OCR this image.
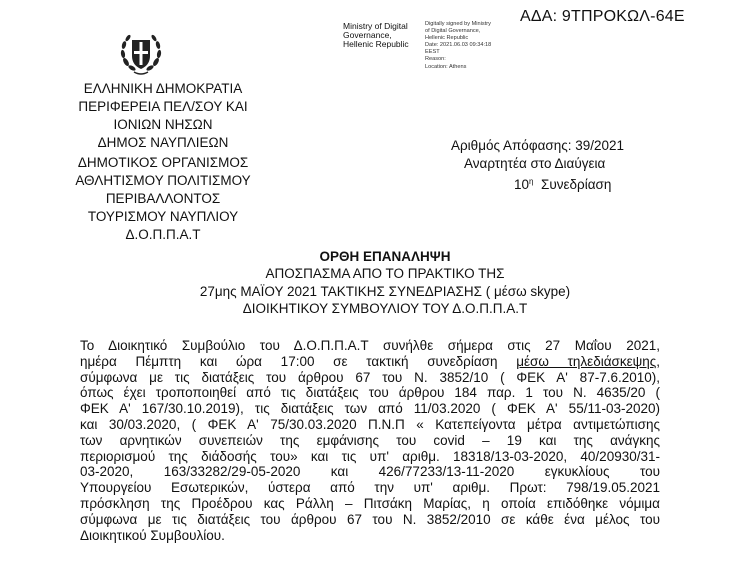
ΑΔΑ: 9ΤΠΡΟΚΩΛ-64Ε
Ministry of Digital
Governance,
Hellenic Republic
Digitally signed by Ministry
of Digital Governance,
Hellenic Republic
Date: 2021.06.03 09:34:18
EEST
Reason:
Location: Athens
ΕΛΛΗΝΙΚΗ ΔΗΜΟΚΡΑΤΙΑ
ΠΕΡΙΦΕΡΕΙΑ ΠΕΛ/ΣΟΥ ΚΑΙ
ΙΟΝΙΩΝ ΝΗΣΩΝ
ΔΗΜΟΣ ΝΑΥΠΛΙΕΩΝ
ΔΗΜΟΤΙΚΟΣ ΟΡΓΑΝΙΣΜΟΣ
ΑΘΛΗΤΙΣΜΟΥ ΠΟΛΙΤΙΣΜΟΥ
ΠΕΡΙΒΑΛΛΟΝΤΟΣ
ΤΟΥΡΙΣΜΟΥ ΝΑΥΠΛΙΟΥ
Δ.Ο.Π.Π.Α.Τ
Αριθμός Απόφασης: 39/2021
Αναρτητέα στο Διαύγεια
$10^\eta$ Συνεδρίαση
ΟΡΘΗ ΕΠΑΝΑΛΗΨΗ
ΑΠΟΣΠΑΣΜΑ ΑΠΟ ΤΟ ΠΡΑΚΤΙΚΟ ΤΗΣ
27μης ΜΑΪΟΥ 2021 ΤΑΚΤΙΚΗΣ ΣΥΝΕΔΡΙΑΣΗΣ ( μέσω skype)
ΔΙΟΙΚΗΤΙΚΟΥ ΣΥΜΒΟΥΛΙΟΥ ΤΟΥ Δ.Ο.Π.Π.Α.Τ
Το Διοικητικό Συμβούλιο του Δ.Ο.Π.Π.Α.Τ συνήλθε σήμερα στις 27 Μαΐου 2021,
ημέρα Πέμπτη και ώρα 17:00 σε τακτική συνεδρίαση μέσω τηλεδιάσκεψης,
σύμφωνα με τις διατάξεις του άρθρου 67 του Ν. 3852/10 ( ΦΕΚ Α' 87-7.6.2010),
όπως έχει τροποποιηθεί από τις διατάξεις του άρθρου 184 παρ. 1 του Ν. 4635/20 (
ΦΕΚ Α' 167/30.10.2019), τις διατάξεις των από 11/03.2020 ( ΦΕΚ Α' 55/11-03-2020)
και 30/03.2020, ( ΦΕΚ Α' 75/30.03.2020 Π.Ν.Π « Κατεπείγοντα μέτρα αντιμετώπισης
των αρνητικών συνεπειών της εμφάνισης του covid – 19 και της ανάγκης
περιορισμού της διάδοσής του» και τις υπ' αριθμ. 18318/13-03-2020, 40/20930/31-
03-2020, 163/33282/29-05-2020 και 426/77233/13-11-2020 εγκυκλίους του
Υπουργείου Εσωτερικών, ύστερα από την υπ' αριθμ. Πρωτ: 798/19.05.2021
πρόσκληση της Προέδρου κας Ράλλη – Πιτσάκη Μαρίας, η οποία επιδόθηκε νόμιμα
σύμφωνα με τις διατάξεις του άρθρου 67 του Ν. 3852/2010 σε κάθε ένα μέλος του
Διοικητικού Συμβουλίου.
